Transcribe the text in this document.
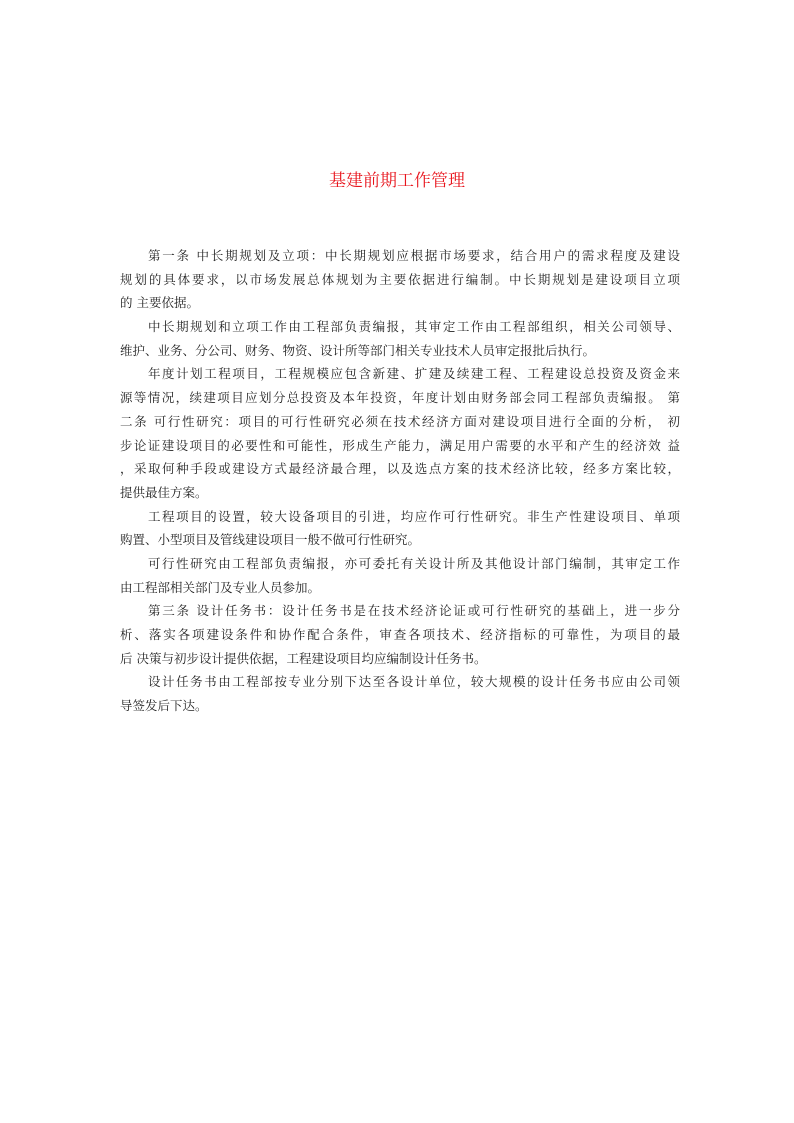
基建前期工作管理
第一条 中长期规划及立项：中长期规划应根据市场要求，结合用户的需求程度及建设
规划的具体要求，以市场发展总体规划为主要依据进行编制。中长期规划是建设项目立项
的 主要依据。
中长期规划和立项工作由工程部负责编报，其审定工作由工程部组织，相关公司领导、
维护、业务、分公司、财务、物资、设计所等部门相关专业技术人员审定报批后执行。
年度计划工程项目，工程规模应包含新建、扩建及续建工程、工程建设总投资及资金来
源等情况，续建项目应划分总投资及本年投资，年度计划由财务部会同工程部负责编报。 第
二条 可行性研究：项目的可行性研究必须在技术经济方面对建设项目进行全面的分析， 初
步论证建设项目的必要性和可能性，形成生产能力，满足用户需要的水平和产生的经济效 益
，采取何种手段或建设方式最经济最合理，以及选点方案的技术经济比较，经多方案比较，
提供最佳方案。
工程项目的设置，较大设备项目的引进，均应作可行性研究。非生产性建设项目、单项
购置、小型项目及管线建设项目一般不做可行性研究。
可行性研究由工程部负责编报，亦可委托有关设计所及其他设计部门编制，其审定工作
由工程部相关部门及专业人员参加。
第三条 设计任务书：设计任务书是在技术经济论证或可行性研究的基础上，进一步分
析、落实各项建设条件和协作配合条件，审查各项技术、经济指标的可靠性，为项目的最
后 决策与初步设计提供依据，工程建设项目均应编制设计任务书。
设计任务书由工程部按专业分别下达至各设计单位，较大规模的设计任务书应由公司领
导签发后下达。
